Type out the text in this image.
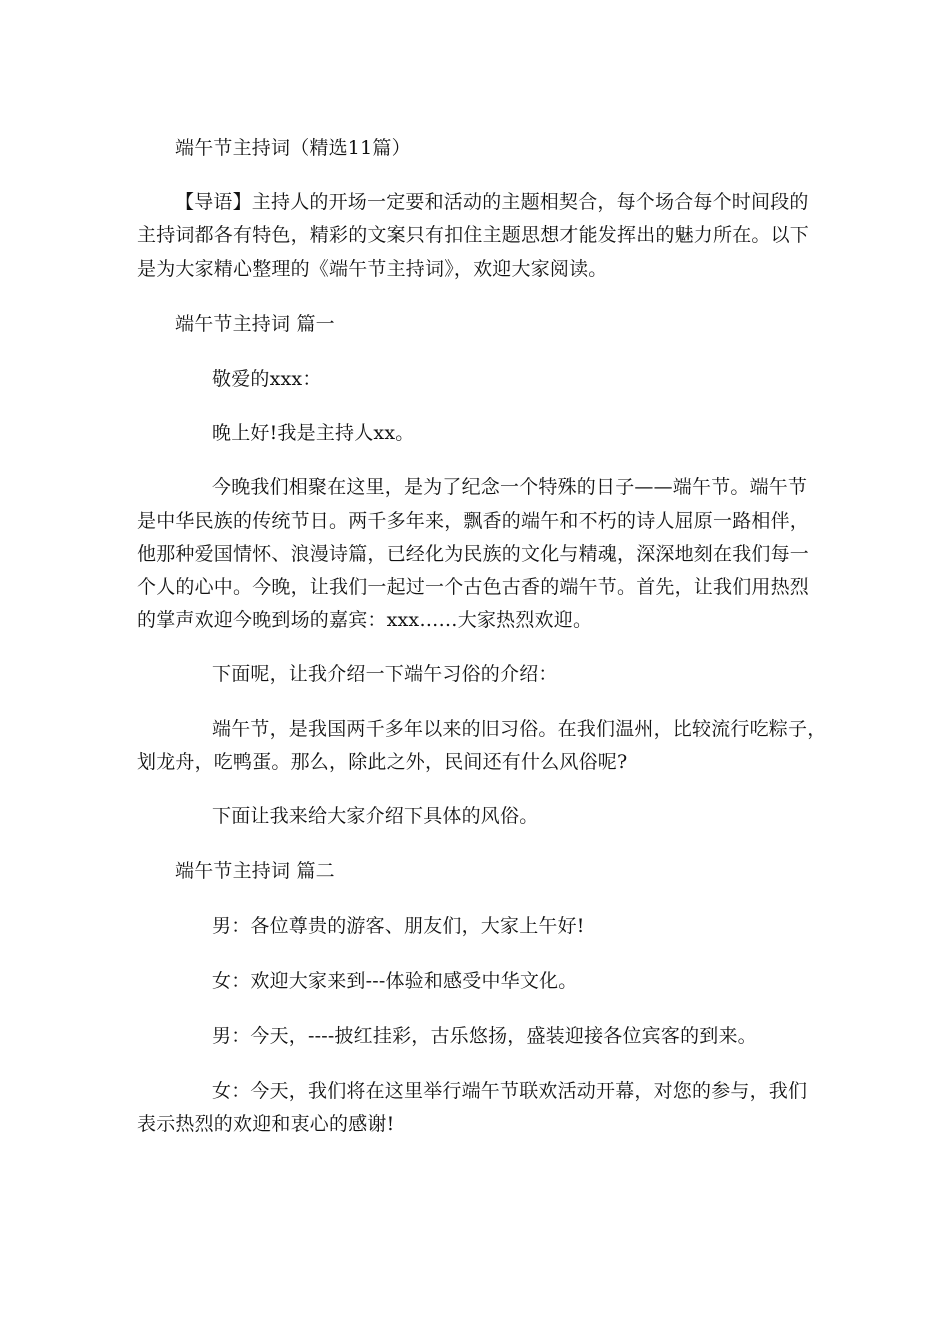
端午节主持词（精选11篇）
【导语】主持人的开场一定要和活动的主题相契合，每个场合每个时间段的
主持词都各有特色，精彩的文案只有扣住主题思想才能发挥出的魅力所在。以下
是为大家精心整理的《端午节主持词》，欢迎大家阅读。
端午节主持词 篇一
敬爱的xxx：
晚上好!我是主持人xx。
今晚我们相聚在这里，是为了纪念一个特殊的日子——端午节。端午节
是中华民族的传统节日。两千多年来，飘香的端午和不朽的诗人屈原一路相伴，
他那种爱国情怀、浪漫诗篇，已经化为民族的文化与精魂，深深地刻在我们每一
个人的心中。今晚，让我们一起过一个古色古香的端午节。首先，让我们用热烈
的掌声欢迎今晚到场的嘉宾：xxx……大家热烈欢迎。
下面呢，让我介绍一下端午习俗的介绍：
端午节，是我国两千多年以来的旧习俗。在我们温州，比较流行吃粽子，
划龙舟，吃鸭蛋。那么，除此之外，民间还有什么风俗呢?
下面让我来给大家介绍下具体的风俗。
端午节主持词 篇二
男：各位尊贵的游客、朋友们，大家上午好!
女：欢迎大家来到---体验和感受中华文化。
男：今天，----披红挂彩，古乐悠扬，盛装迎接各位宾客的到来。
女：今天，我们将在这里举行端午节联欢活动开幕，对您的参与，我们
表示热烈的欢迎和衷心的感谢!
